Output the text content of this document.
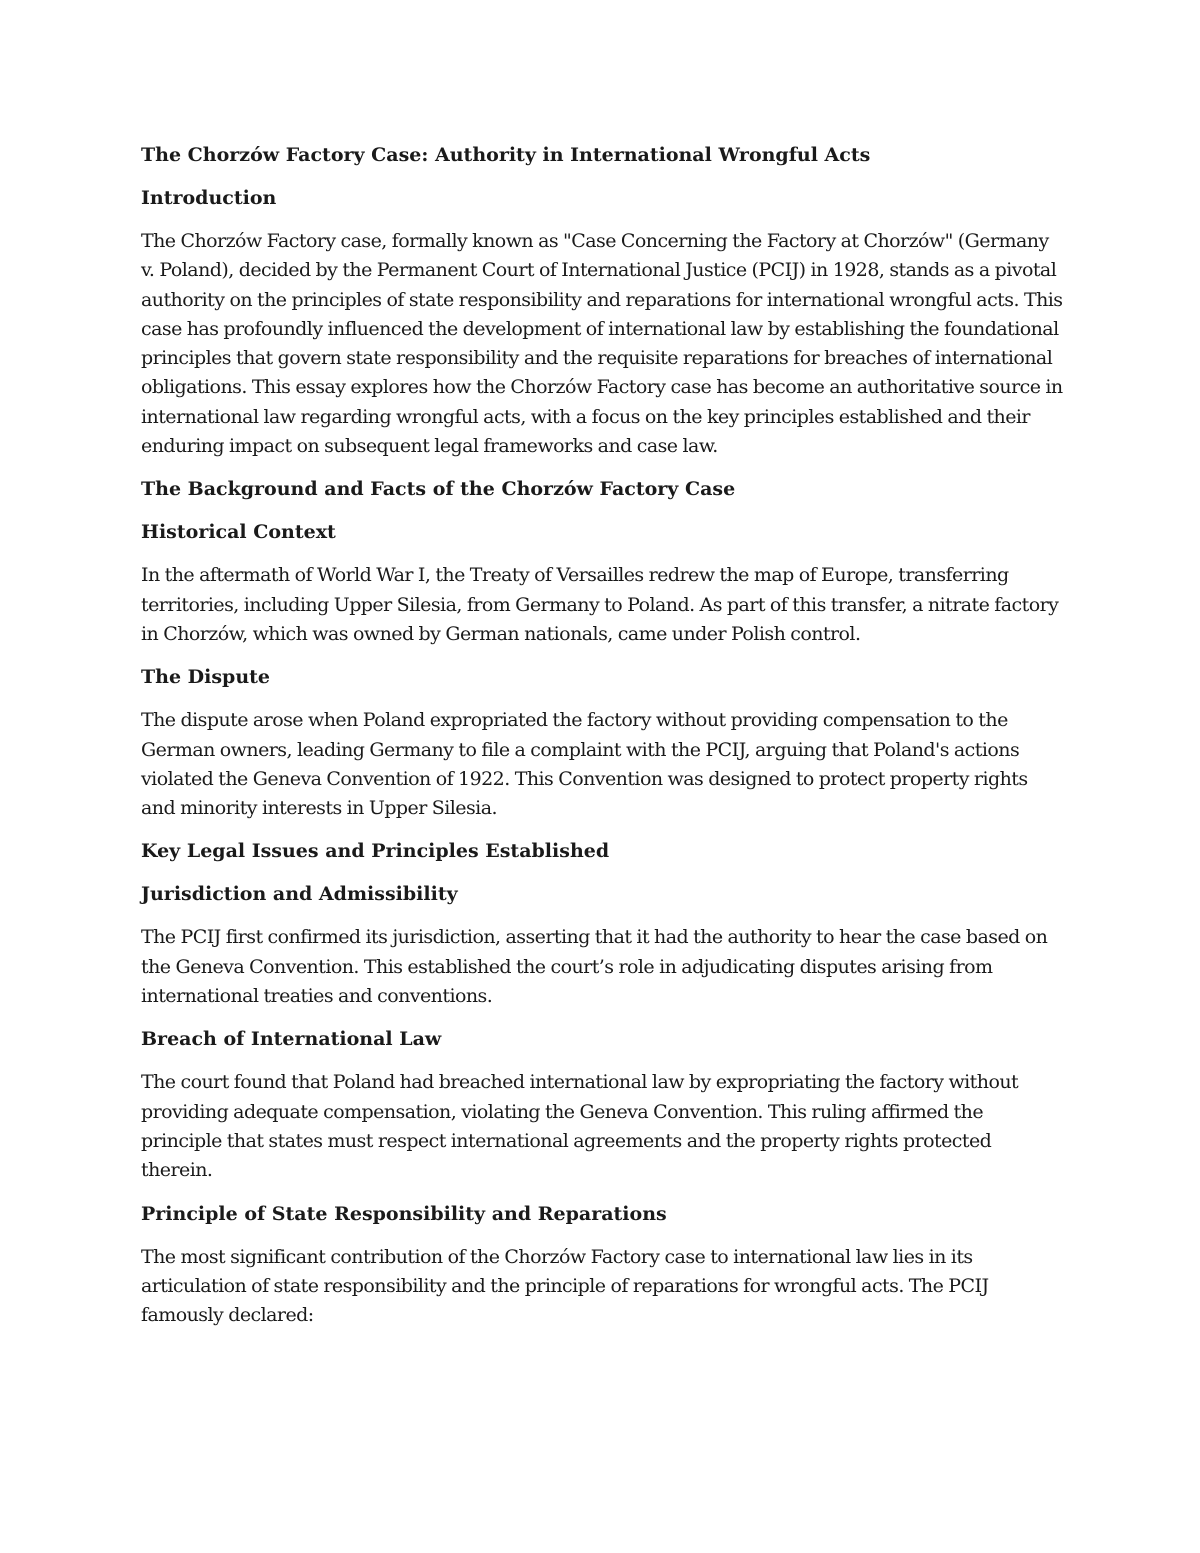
The Chorzów Factory Case: Authority in International Wrongful Acts
Introduction

The Chorzów Factory case, formally known as "Case Concerning the Factory at Chorzów" (Germany v. Poland), decided by the Permanent Court of International Justice (PCIJ) in 1928, stands as a pivotal authority on the principles of state responsibility and reparations for international wrongful acts. This case has profoundly influenced the development of international law by establishing the foundational principles that govern state responsibility and the requisite reparations for breaches of international obligations. This essay explores how the Chorzów Factory case has become an authoritative source in international law regarding wrongful acts, with a focus on the key principles established and their enduring impact on subsequent legal frameworks and case law.

The Background and Facts of the Chorzów Factory Case
Historical Context

In the aftermath of World War I, the Treaty of Versailles redrew the map of Europe, transferring territories, including Upper Silesia, from Germany to Poland. As part of this transfer, a nitrate factory in Chorzów, which was owned by German nationals, came under Polish control.

The Dispute

The dispute arose when Poland expropriated the factory without providing compensation to the German owners, leading Germany to file a complaint with the PCIJ, arguing that Poland's actions violated the Geneva Convention of 1922. This Convention was designed to protect property rights and minority interests in Upper Silesia.

Key Legal Issues and Principles Established
Jurisdiction and Admissibility

The PCIJ first confirmed its jurisdiction, asserting that it had the authority to hear the case based on the Geneva Convention. This established the court’s role in adjudicating disputes arising from international treaties and conventions.

Breach of International Law

The court found that Poland had breached international law by expropriating the factory without providing adequate compensation, violating the Geneva Convention. This ruling affirmed the principle that states must respect international agreements and the property rights protected therein.

Principle of State Responsibility and Reparations

The most significant contribution of the Chorzów Factory case to international law lies in its articulation of state responsibility and the principle of reparations for wrongful acts. The PCIJ famously declared:
